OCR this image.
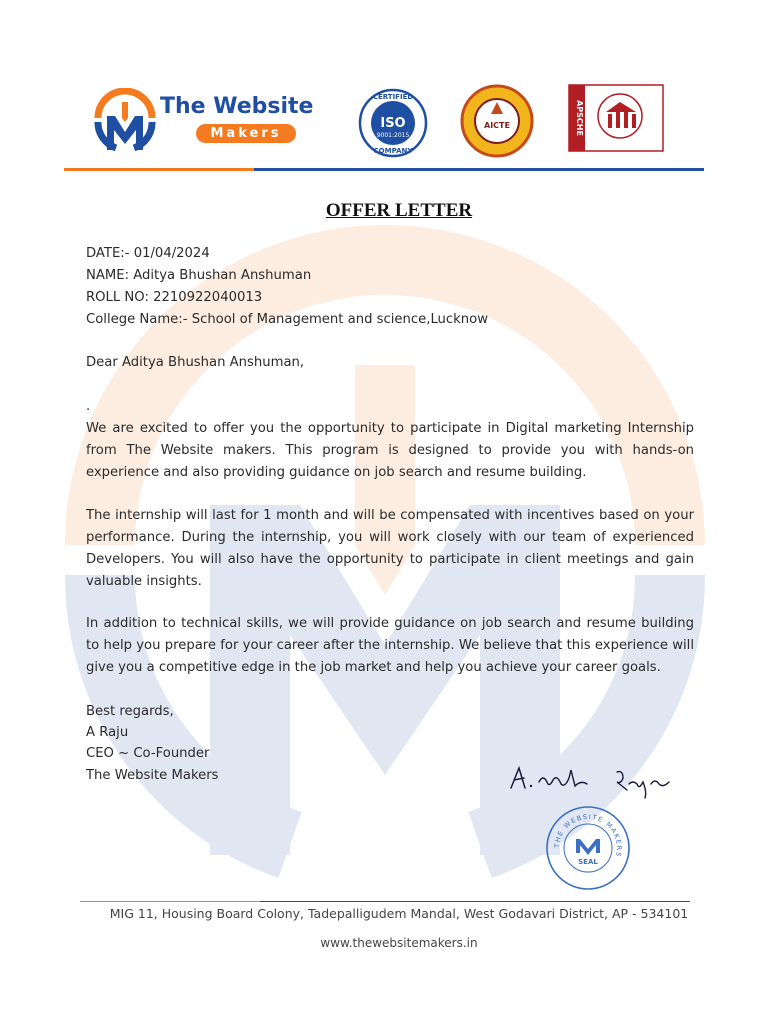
The Website
Makers
CERTIFIED
ISO
9001:2015
COMPANY
AICTE	APSCHE
OFFER LETTER
DATE:- 01/04/2024
NAME: Aditya Bhushan Anshuman
ROLL NO: 2210922040013
College Name:- School of Management and science,Lucknow
Dear Aditya Bhushan Anshuman,
.
We are excited to offer you the opportunity to participate in Digital marketing Internship from The Website makers. This program is designed to provide you with hands-on experience and also providing guidance on job search and resume building.
The internship will last for 1 month and will be compensated with incentives based on your performance. During the internship, you will work closely with our team of experienced Developers. You will also have the opportunity to participate in client meetings and gain valuable insights.
In addition to technical skills, we will provide guidance on job search and resume building to help you prepare for your career after the internship. We believe that this experience will give you a competitive edge in the job market and help you achieve your career goals.
Best regards,
A Raju
CEO ~ Co-Founder
The Website Makers
THE WEBSITE MAKERS
SEAL
MIG 11, Housing Board Colony, Tadepalligudem Mandal, West Godavari District, AP - 534101
www.thewebsitemakers.in
